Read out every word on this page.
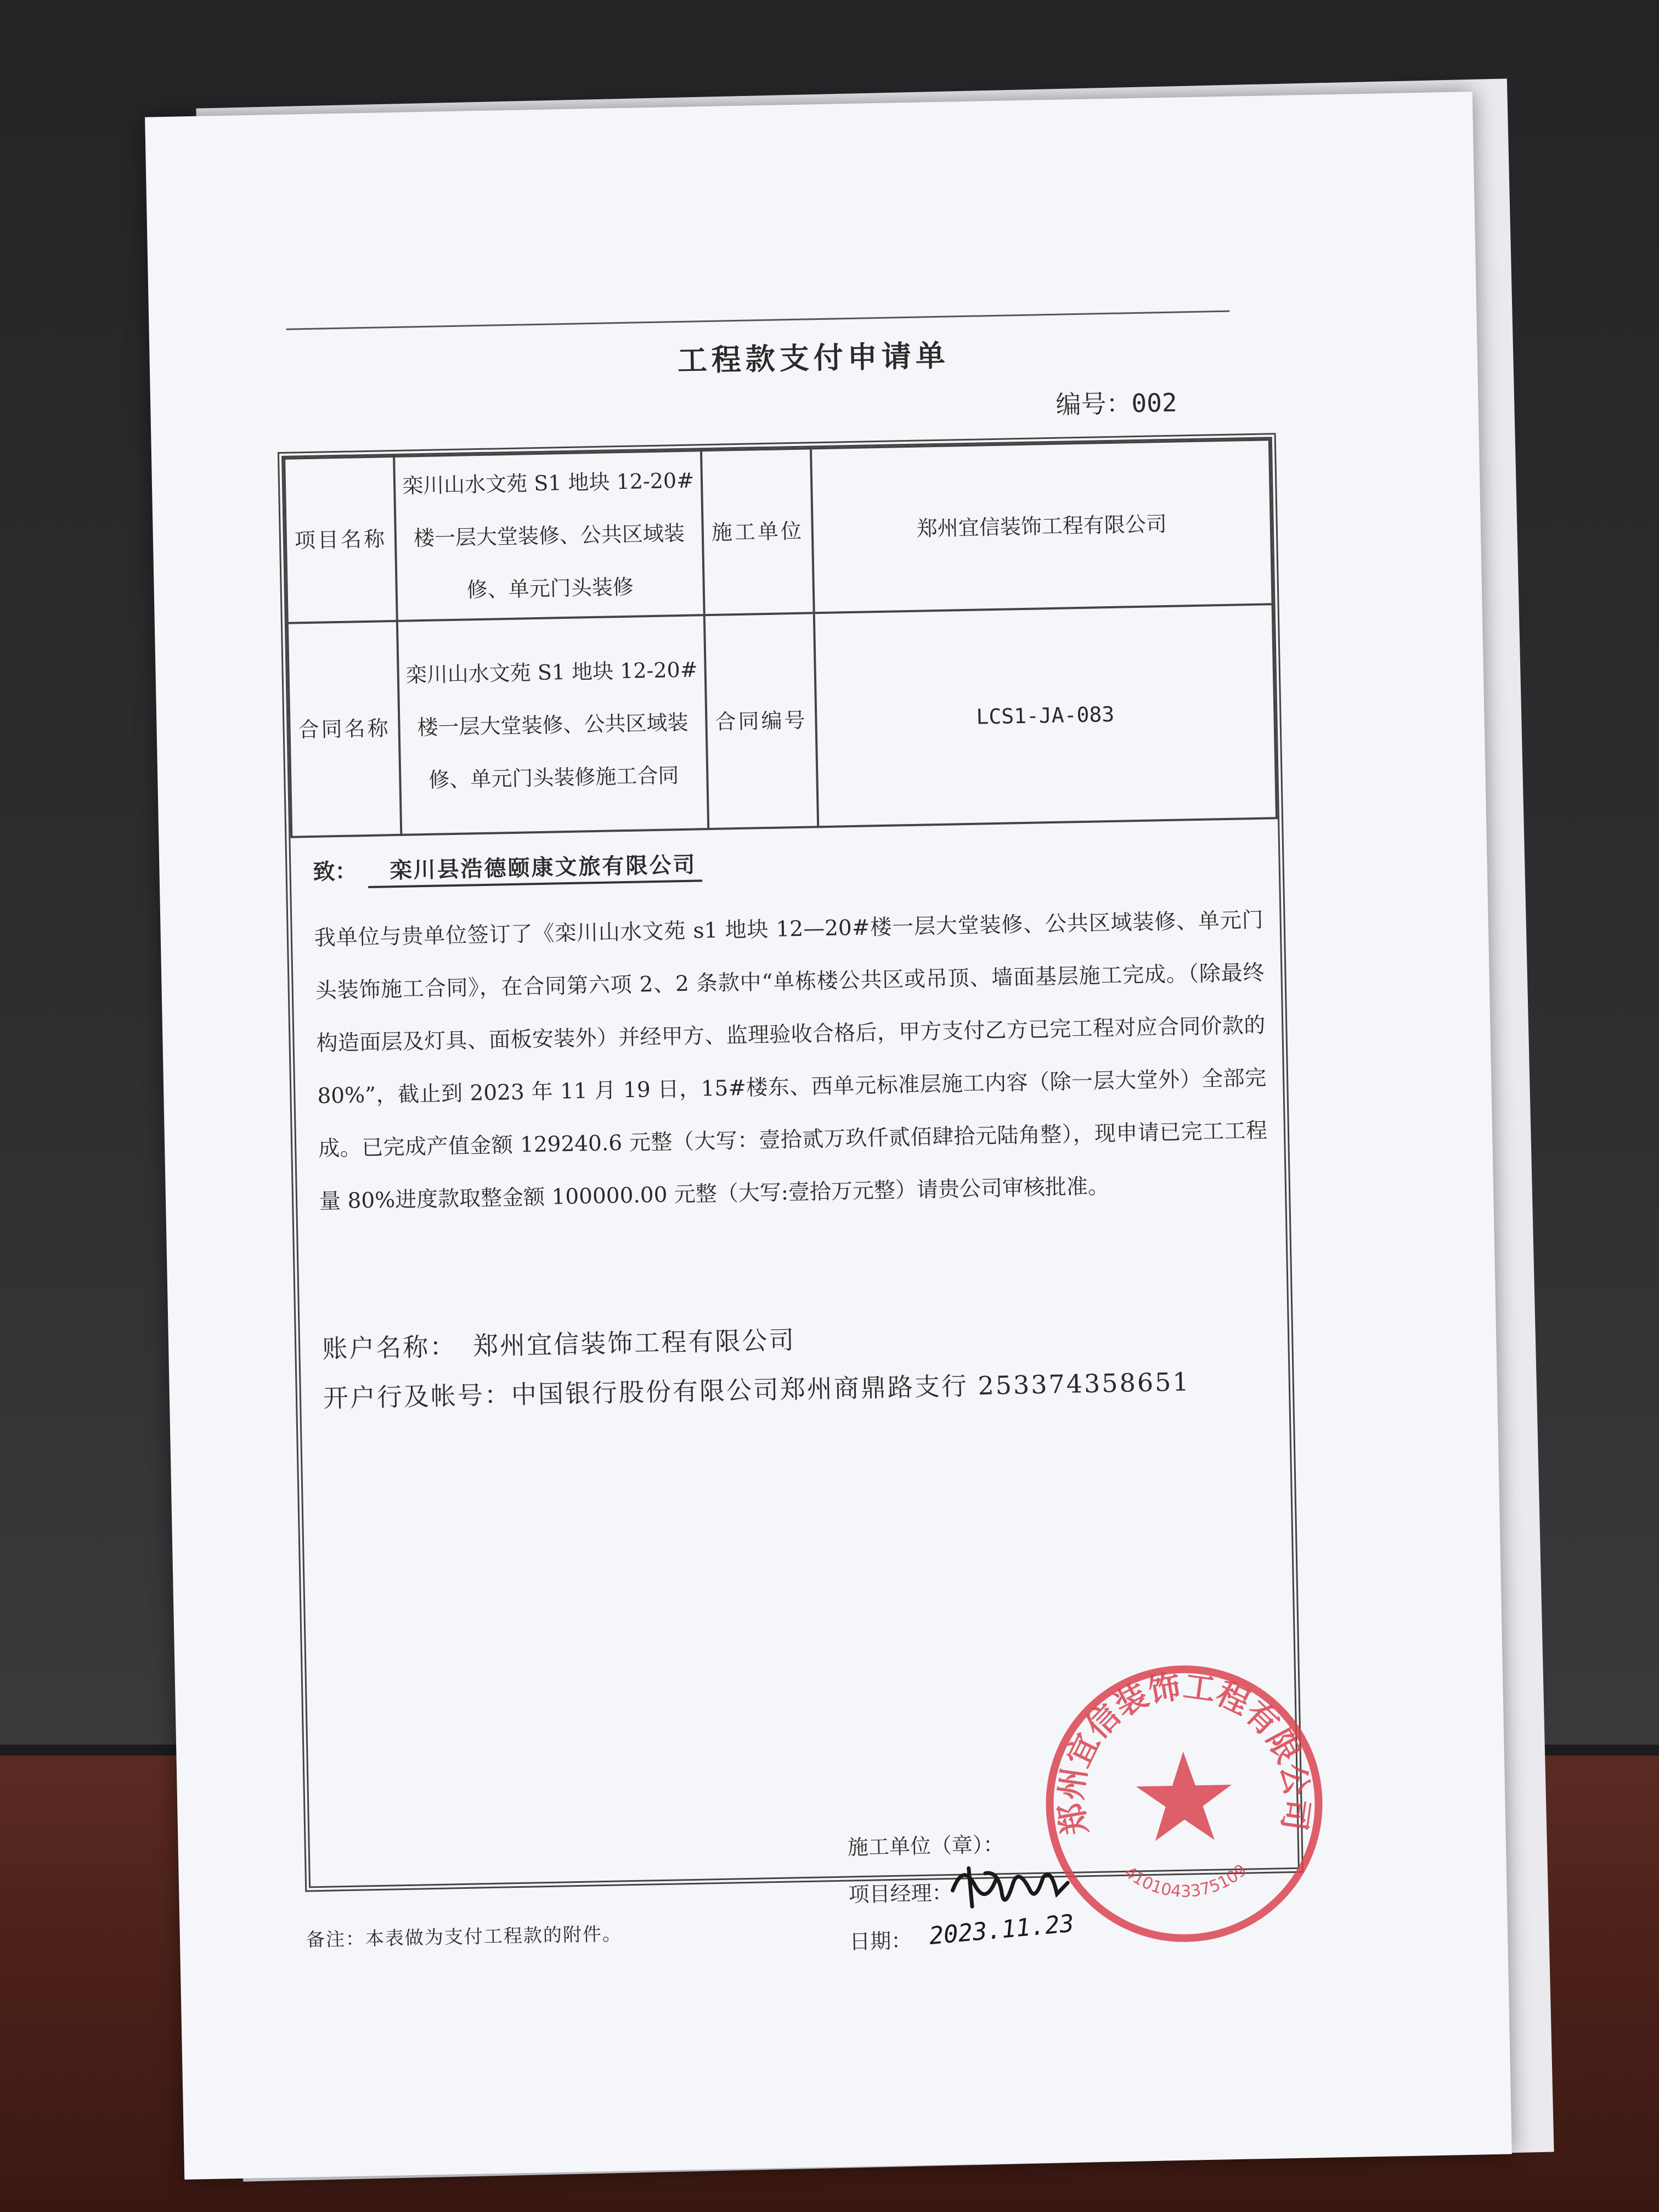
工程款支付申请单
编号：002
项目名称	栾川山水文苑 S1 地块 12-20#楼一层大堂装修、公共区域装修、单元门头装修	施工单位	郑州宜信装饰工程有限公司
合同名称	栾川山水文苑 S1 地块 12-20#楼一层大堂装修、公共区域装修、单元门头装修施工合同	合同编号	LCS1-JA-083
致： 栾川县浩德颐康文旅有限公司
我单位与贵单位签订了《栾川山水文苑 s1 地块 12—20#楼一层大堂装修、公共区域装修、单元门头装饰施工合同》，在合同第六项 2、2 条款中“单栋楼公共区或吊顶、墙面基层施工完成。（除最终构造面层及灯具、面板安装外）并经甲方、监理验收合格后，甲方支付乙方已完工程对应合同价款的 80%”，截止到 2023 年 11 月 19 日，15#楼东、西单元标准层施工内容（除一层大堂外）全部完成。已完成产值金额 129240.6 元整（大写：壹拾贰万玖仟贰佰肆拾元陆角整），现申请已完工工程量 80%进度款取整金额 100000.00 元整（大写:壹拾万元整）请贵公司审核批准。
账户名称： 郑州宜信装饰工程有限公司
开户行及帐号：中国银行股份有限公司郑州商鼎路支行 253374358651
郑州宜信装饰工程有限公司
4101043375109
施工单位（章）：
项目经理：
日期： 2023.11.23
备注：本表做为支付工程款的附件。
